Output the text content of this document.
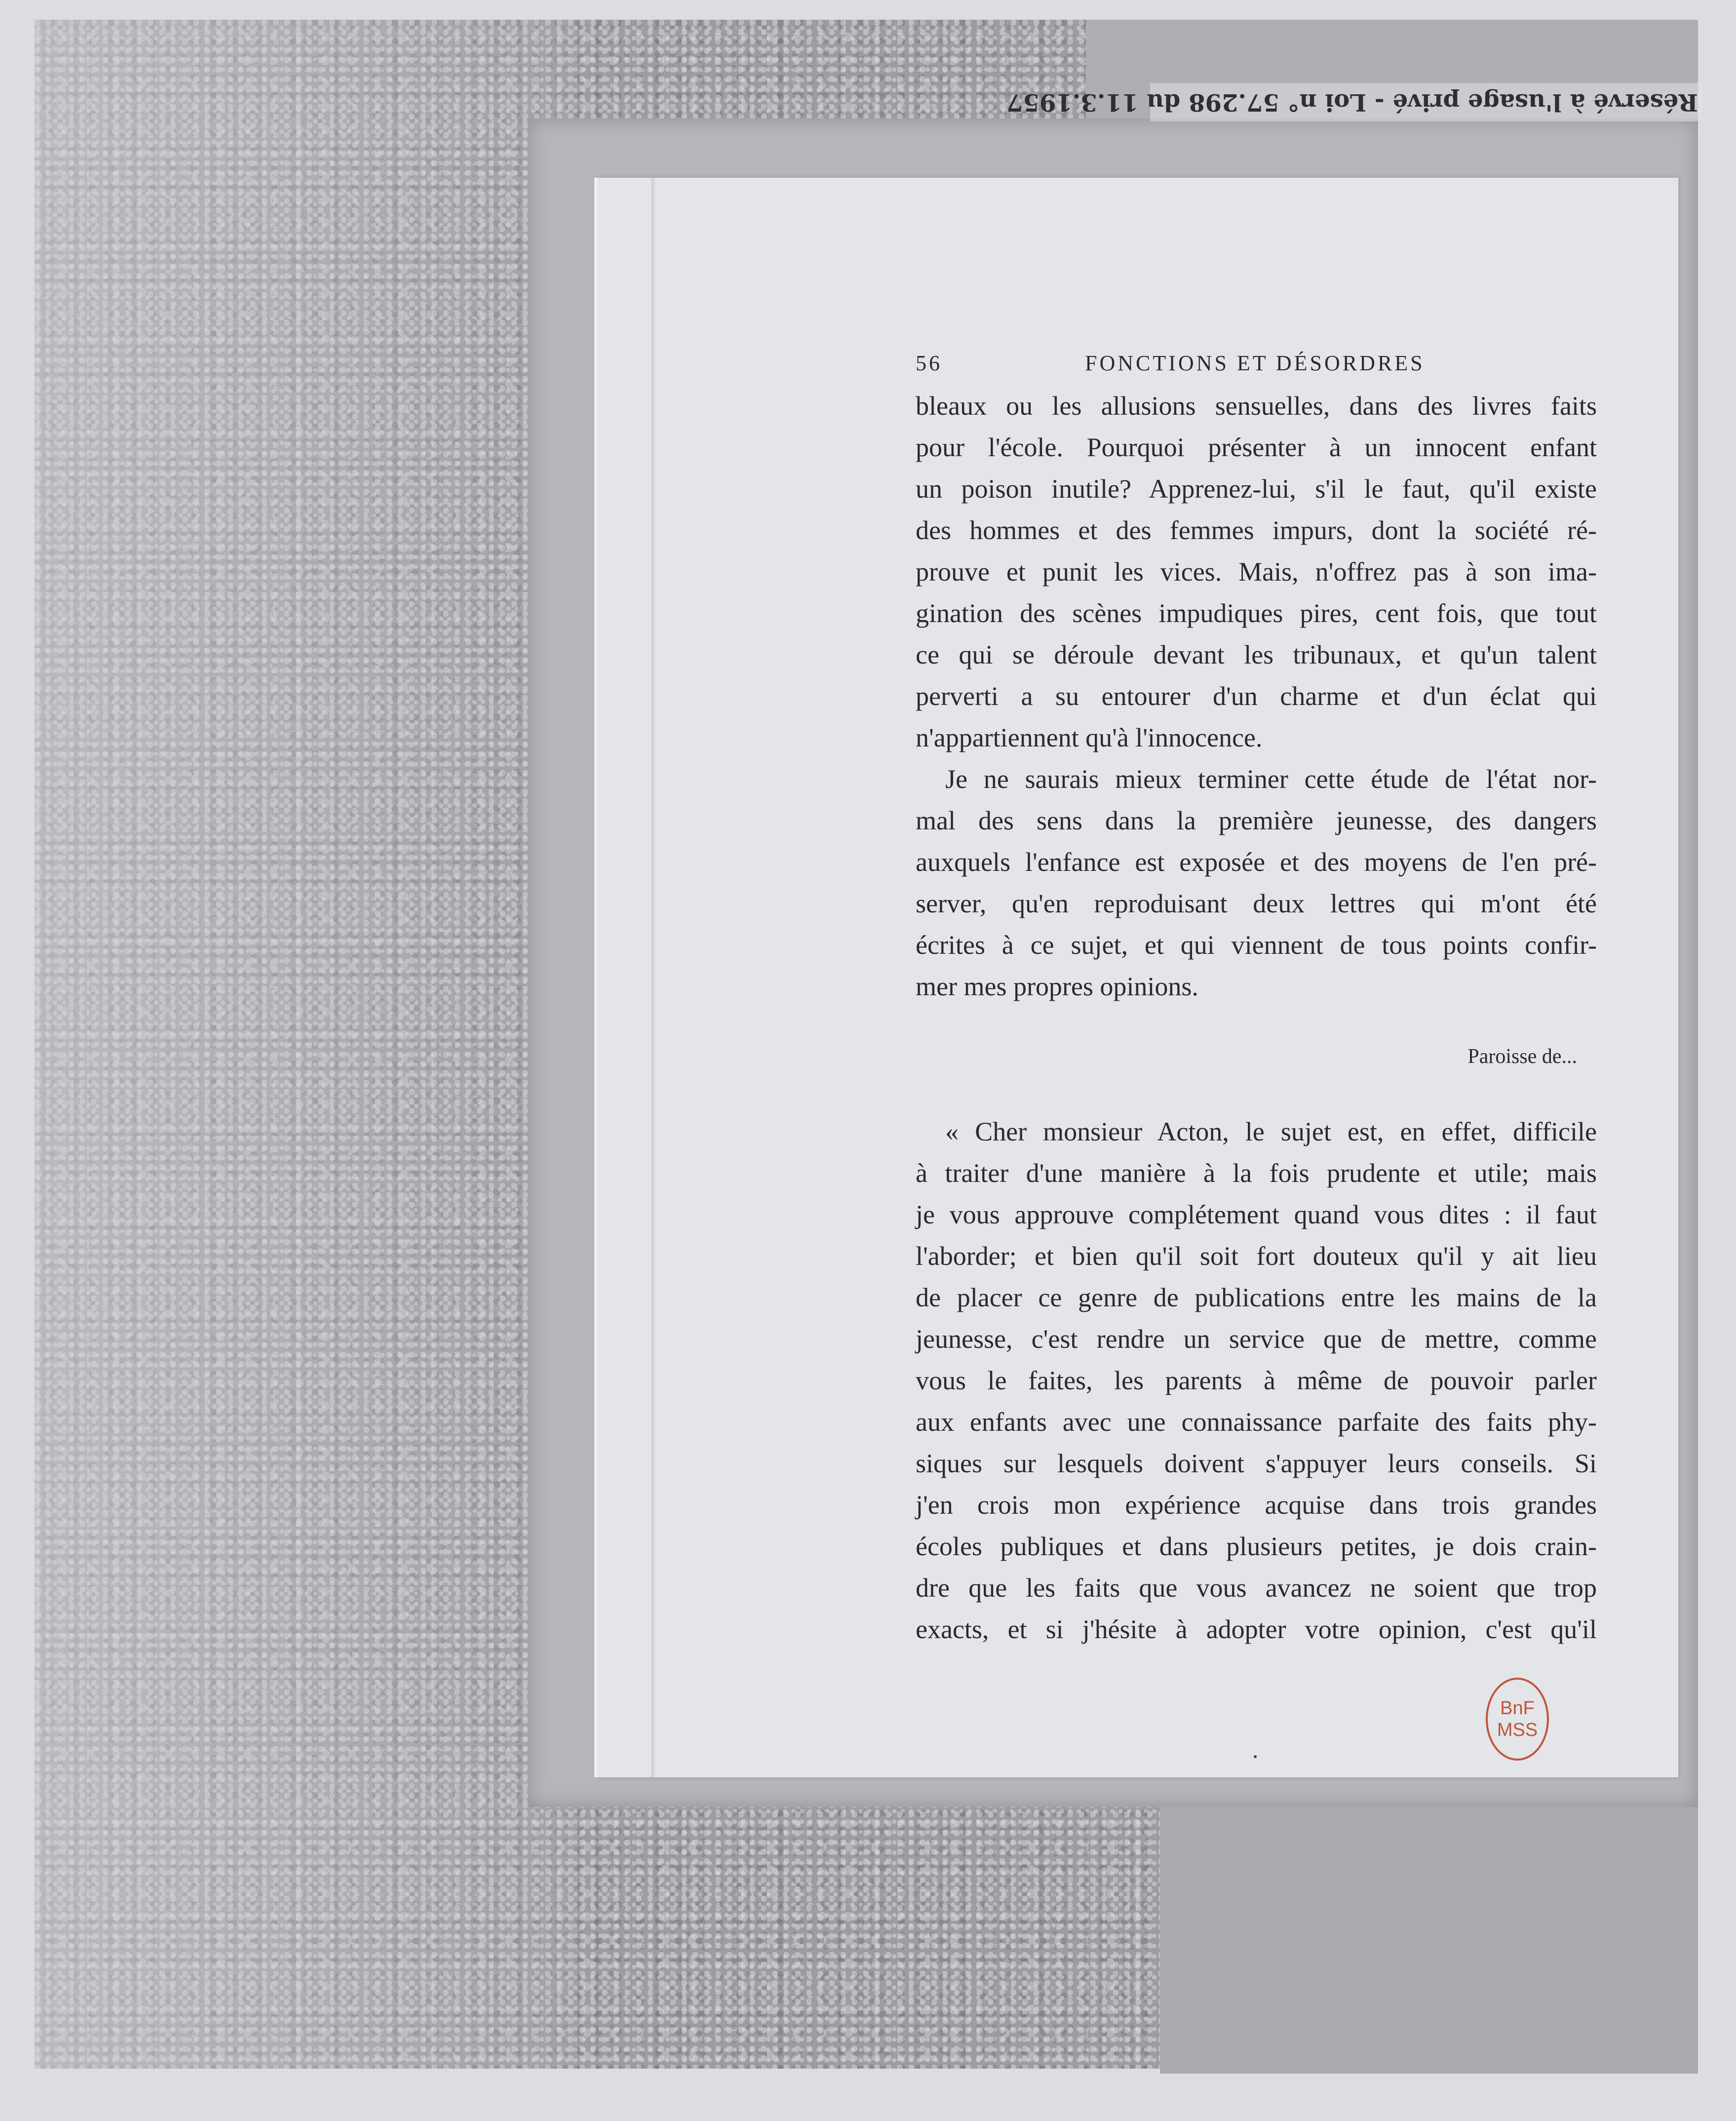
Réservé à l'usage privé - Loi n° 57.298 du 11.3.1957
56	FONCTIONS ET DÉSORDRES
bleaux ou les allusions sensuelles, dans des livres faits
pour l'école. Pourquoi présenter à un innocent enfant
un poison inutile? Apprenez-lui, s'il le faut, qu'il existe
des hommes et des femmes impurs, dont la société ré-
prouve et punit les vices. Mais, n'offrez pas à son ima-
gination des scènes impudiques pires, cent fois, que tout
ce qui se déroule devant les tribunaux, et qu'un talent
perverti a su entourer d'un charme et d'un éclat qui
n'appartiennent qu'à l'innocence.
Je ne saurais mieux terminer cette étude de l'état nor-
mal des sens dans la première jeunesse, des dangers
auxquels l'enfance est exposée et des moyens de l'en pré-
server, qu'en reproduisant deux lettres qui m'ont été
écrites à ce sujet, et qui viennent de tous points confir-
mer mes propres opinions.
Paroisse de...
« Cher monsieur Acton, le sujet est, en effet, difficile
à traiter d'une manière à la fois prudente et utile; mais
je vous approuve complétement quand vous dites : il faut
l'aborder; et bien qu'il soit fort douteux qu'il y ait lieu
de placer ce genre de publications entre les mains de la
jeunesse, c'est rendre un service que de mettre, comme
vous le faites, les parents à même de pouvoir parler
aux enfants avec une connaissance parfaite des faits phy-
siques sur lesquels doivent s'appuyer leurs conseils. Si
j'en crois mon expérience acquise dans trois grandes
écoles publiques et dans plusieurs petites, je dois crain-
dre que les faits que vous avancez ne soient que trop
exacts, et si j'hésite à adopter votre opinion, c'est qu'il
BnF
MSS
